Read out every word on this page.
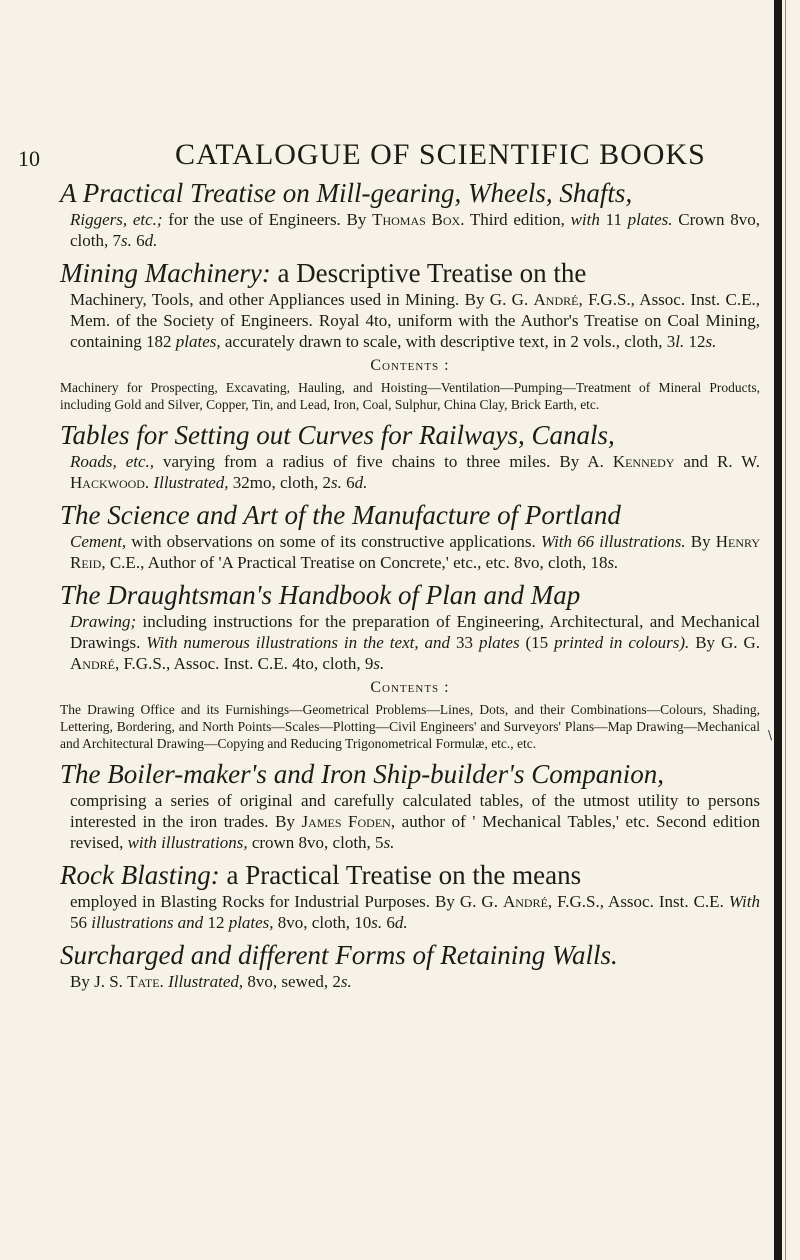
\
10	CATALOGUE OF SCIENTIFIC BOOKS

A Practical Treatise on Mill-gearing, Wheels, Shafts,

Riggers, etc.; for the use of Engineers. By Thomas Box. Third edition, with 11 plates. Crown 8vo, cloth, 7s. 6d.

Mining Machinery: a Descriptive Treatise on the

Machinery, Tools, and other Appliances used in Mining. By G. G. André, F.G.S., Assoc. Inst. C.E., Mem. of the Society of Engineers. Royal 4to, uniform with the Author's Treatise on Coal Mining, containing 182 plates, accurately drawn to scale, with descriptive text, in 2 vols., cloth, 3l. 12s.

Contents :

Machinery for Prospecting, Excavating, Hauling, and Hoisting—Ventilation—Pumping—Treatment of Mineral Products, including Gold and Silver, Copper, Tin, and Lead, Iron, Coal, Sulphur, China Clay, Brick Earth, etc.

Tables for Setting out Curves for Railways, Canals,

Roads, etc., varying from a radius of five chains to three miles. By A. Kennedy and R. W. Hackwood. Illustrated, 32mo, cloth, 2s. 6d.

The Science and Art of the Manufacture of Portland

Cement, with observations on some of its constructive applications. With 66 illustrations. By Henry Reid, C.E., Author of 'A Practical Treatise on Concrete,' etc., etc. 8vo, cloth, 18s.

The Draughtsman's Handbook of Plan and Map

Drawing; including instructions for the preparation of Engineering, Architectural, and Mechanical Drawings. With numerous illustrations in the text, and 33 plates (15 printed in colours). By G. G. André, F.G.S., Assoc. Inst. C.E. 4to, cloth, 9s.

Contents :

The Drawing Office and its Furnishings—Geometrical Problems—Lines, Dots, and their Combinations—Colours, Shading, Lettering, Bordering, and North Points—Scales—Plotting—Civil Engineers' and Surveyors' Plans—Map Drawing—Mechanical and Architectural Drawing—Copying and Reducing Trigonometrical Formulæ, etc., etc.

The Boiler-maker's and Iron Ship-builder's Companion,

comprising a series of original and carefully calculated tables, of the utmost utility to persons interested in the iron trades. By James Foden, author of ' Mechanical Tables,' etc. Second edition revised, with illustrations, crown 8vo, cloth, 5s.

Rock Blasting: a Practical Treatise on the means

employed in Blasting Rocks for Industrial Purposes. By G. G. André, F.G.S., Assoc. Inst. C.E. With 56 illustrations and 12 plates, 8vo, cloth, 10s. 6d.

Surcharged and different Forms of Retaining Walls.

By J. S. Tate. Illustrated, 8vo, sewed, 2s.
